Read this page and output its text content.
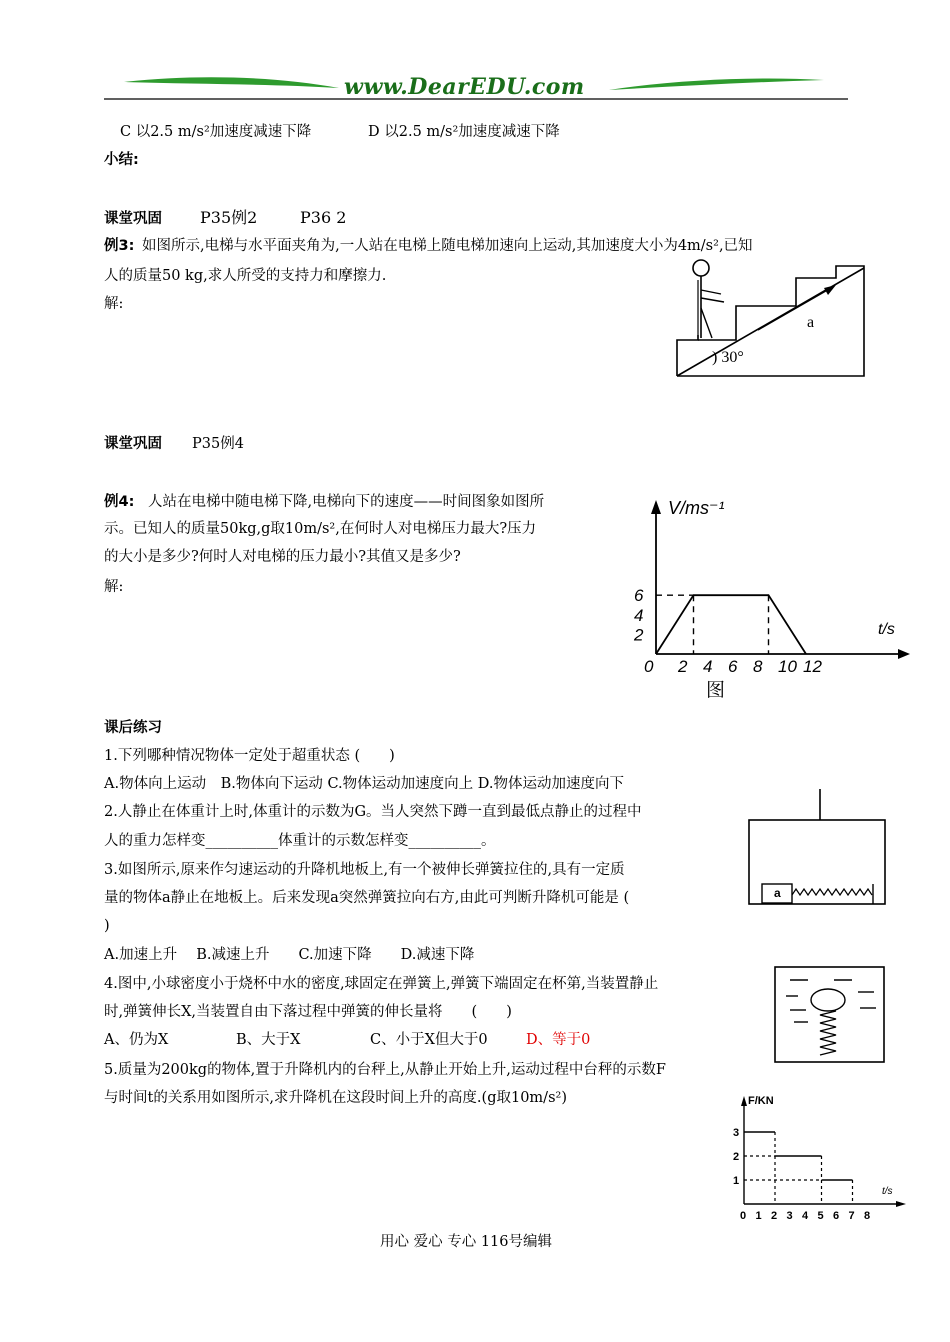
www.DearEDU.com
C 以2.5 m/s²加速度减速下降	D 以2.5 m/s²加速度减速下降
小结:
课堂巩固 P35例2	P36 2
例3: 如图所示,电梯与水平面夹角为,一人站在电梯上随电梯加速向上运动,其加速度大小为4m/s²,已知
人的质量50 kg,求人所受的支持力和摩擦力.
解:
a
) 30°
课堂巩固 P35例4
例4: 人站在电梯中随电梯下降,电梯向下的速度——时间图象如图所
示。已知人的质量50kg,g取10m/s²,在何时人对电梯压力最大?压力
的大小是多少?何时人对电梯的压力最小?其值又是多少?
解:
0 2 4 6 8 10 12
2
4
6
V/ms⁻¹
t/s
图
课后练习
1.下列哪种情况物体一定处于超重状态 (　　)
A.物体向上运动　B.物体向下运动 C.物体运动加速度向上 D.物体运动加速度向下
2.人静止在体重计上时,体重计的示数为G。当人突然下蹲一直到最低点静止的过程中
人的重力怎样变__________体重计的示数怎样变__________。
3.如图所示,原来作匀速运动的升降机地板上,有一个被伸长弹簧拉住的,具有一定质
量的物体a静止在地板上。后来发现a突然弹簧拉向右方,由此可判断升降机可能是 (
)
A.加速上升　 B.减速上升　　C.加速下降　　D.减速下降
a
4.图中,小球密度小于烧杯中水的密度,球固定在弹簧上,弹簧下端固定在杯第,当装置静止
时,弹簧伸长X,当装置自由下落过程中弹簧的伸长量将　　(　　)
A、仍为X	B、大于X	C、小于X但大于0	D、等于0
5.质量为200kg的物体,置于升降机内的台秤上,从静止开始上升,运动过程中台秤的示数F
与时间t的关系用如图所示,求升降机在这段时间上升的高度.(g取10m/s²)
0 1 2 3 4 5 6 7 8
1
2
3
F/KN
t/s
用心 爱心 专心 116号编辑
